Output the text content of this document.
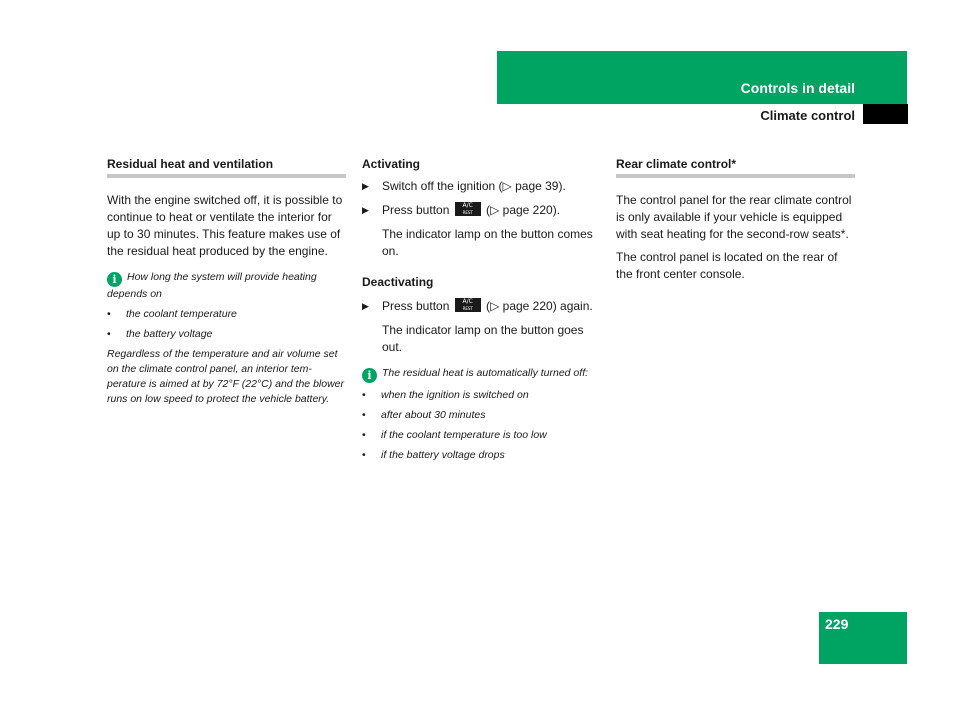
Controls in detail
Climate control
Residual heat and ventilation

With the engine switched off, it is possible to continue to heat or ventilate the interior for up to 30 minutes. This feature makes use of the residual heat produced by the engine.

i How long the system will provide heating depends on
•	the coolant temperature
•	the battery voltage
Regardless of the temperature and air volume set on the climate control panel, an interior tem-perature is aimed at by 72°F (22°C) and the blower runs on low speed to protect the vehicle battery.
Activating
▶	Switch off the ignition (▷ page 39).
▶	Press button	A/C
REST (▷ page 220).
The indicator lamp on the button comes on.
Deactivating
▶	Press button	A/C
REST (▷ page 220) again.
The indicator lamp on the button goes out.
i The residual heat is automatically turned off:
•	when the ignition is switched on
•	after about 30 minutes
•	if the coolant temperature is too low
•	if the battery voltage drops
Rear climate control*

The control panel for the rear climate control is only available if your vehicle is equipped with seat heating for the second-row seats*.

The control panel is located on the rear of the front center console.

229
